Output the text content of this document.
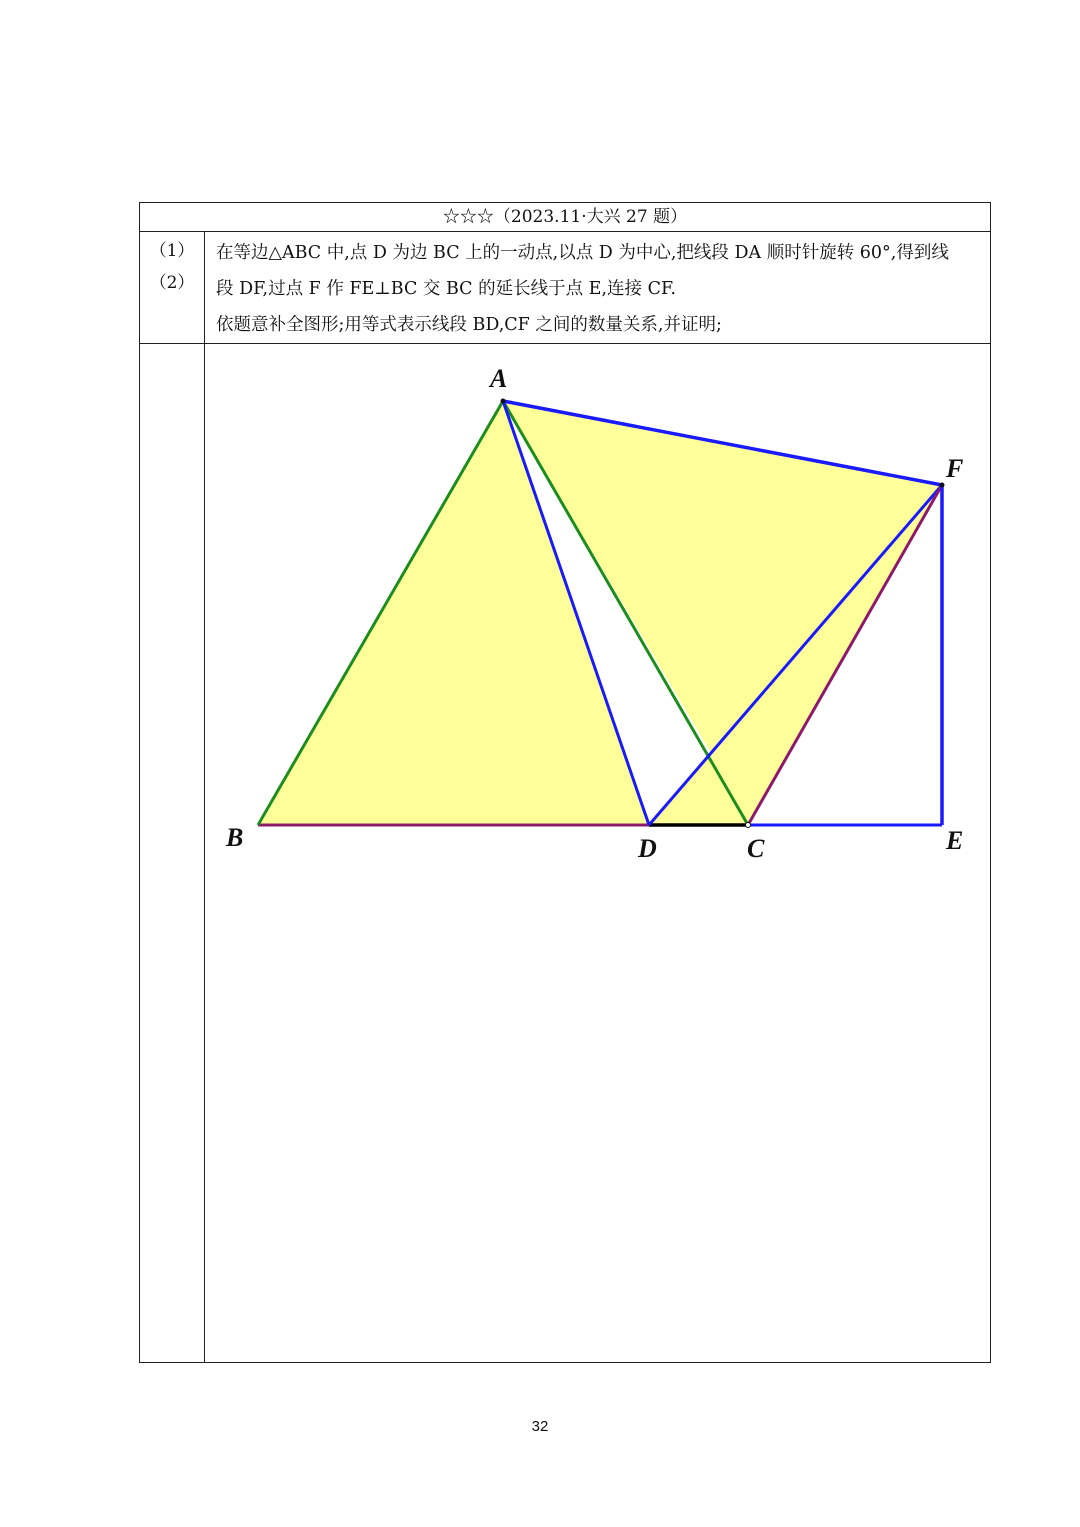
☆☆☆（2023.11·大兴 27 题）
（1）
（2）
在等边△ABC 中,点 D 为边 BC 上的一动点,以点 D 为中心,把线段 DA 顺时针旋转 60°,得到线
段 DF,过点 F 作 FE⊥BC 交 BC 的延长线于点 E,连接 CF.
依题意补全图形;用等式表示线段 BD,CF 之间的数量关系,并证明;
A
B	C
D	E
F
32
